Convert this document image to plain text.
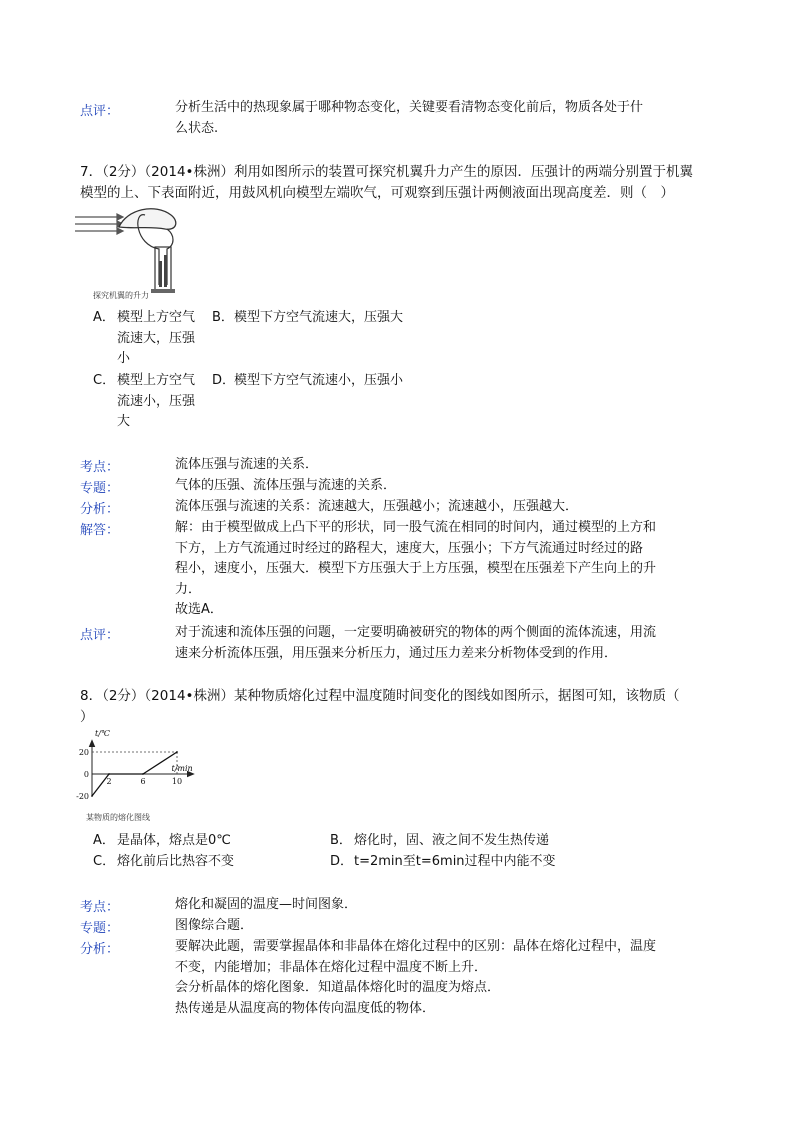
点评：	分析生活中的热现象属于哪种物态变化，关键要看清物态变化前后，物质各处于什
么状态.
7．（2分）（2014•株洲）利用如图所示的装置可探究机翼升力产生的原因．压强计的两端分别置于机翼
模型的上、下表面附近，用鼓风机向模型左端吹气，可观察到压强计两侧液面出现高度差．则（　）
探究机翼的升力
A． 模型上方空气
流速大，压强
小
B． 模型下方空气流速大，压强大
C． 模型上方空气
流速小，压强
大
D．
模型下方空气流速小，压强小
考点：	流体压强与流速的关系．
专题：	气体的压强、流体压强与流速的关系．
分析：	流体压强与流速的关系：流速越大，压强越小；流速越小，压强越大．
解答：	解：由于模型做成上凸下平的形状，同一股气流在相同的时间内，通过模型的上方和
下方，上方气流通过时经过的路程大，速度大，压强小；下方气流通过时经过的路
程小，速度小，压强大．模型下方压强大于上方压强，模型在压强差下产生向上的升
力．
故选A．
点评：	对于流速和流体压强的问题，一定要明确被研究的物体的两个侧面的流体流速，用流
速来分析流体压强，用压强来分析压力，通过压力差来分析物体受到的作用．
8．（2分）（2014•株洲）某种物质熔化过程中温度随时间变化的图线如图所示，据图可知，该物质（
）
2	6	10
20
0
-20
t/℃
t/min
某物质的熔化图线
A． 是晶体，熔点是0℃	B． 熔化时，固、液之间不发生热传递
C． 熔化前后比热容不变	D． t=2min至t=6min过程中内能不变
考点：	熔化和凝固的温度—时间图象．
专题：	图像综合题．
分析：	要解决此题，需要掌握晶体和非晶体在熔化过程中的区别：晶体在熔化过程中，温度
不变，内能增加；非晶体在熔化过程中温度不断上升．
会分析晶体的熔化图象．知道晶体熔化时的温度为熔点．
热传递是从温度高的物体传向温度低的物体．
